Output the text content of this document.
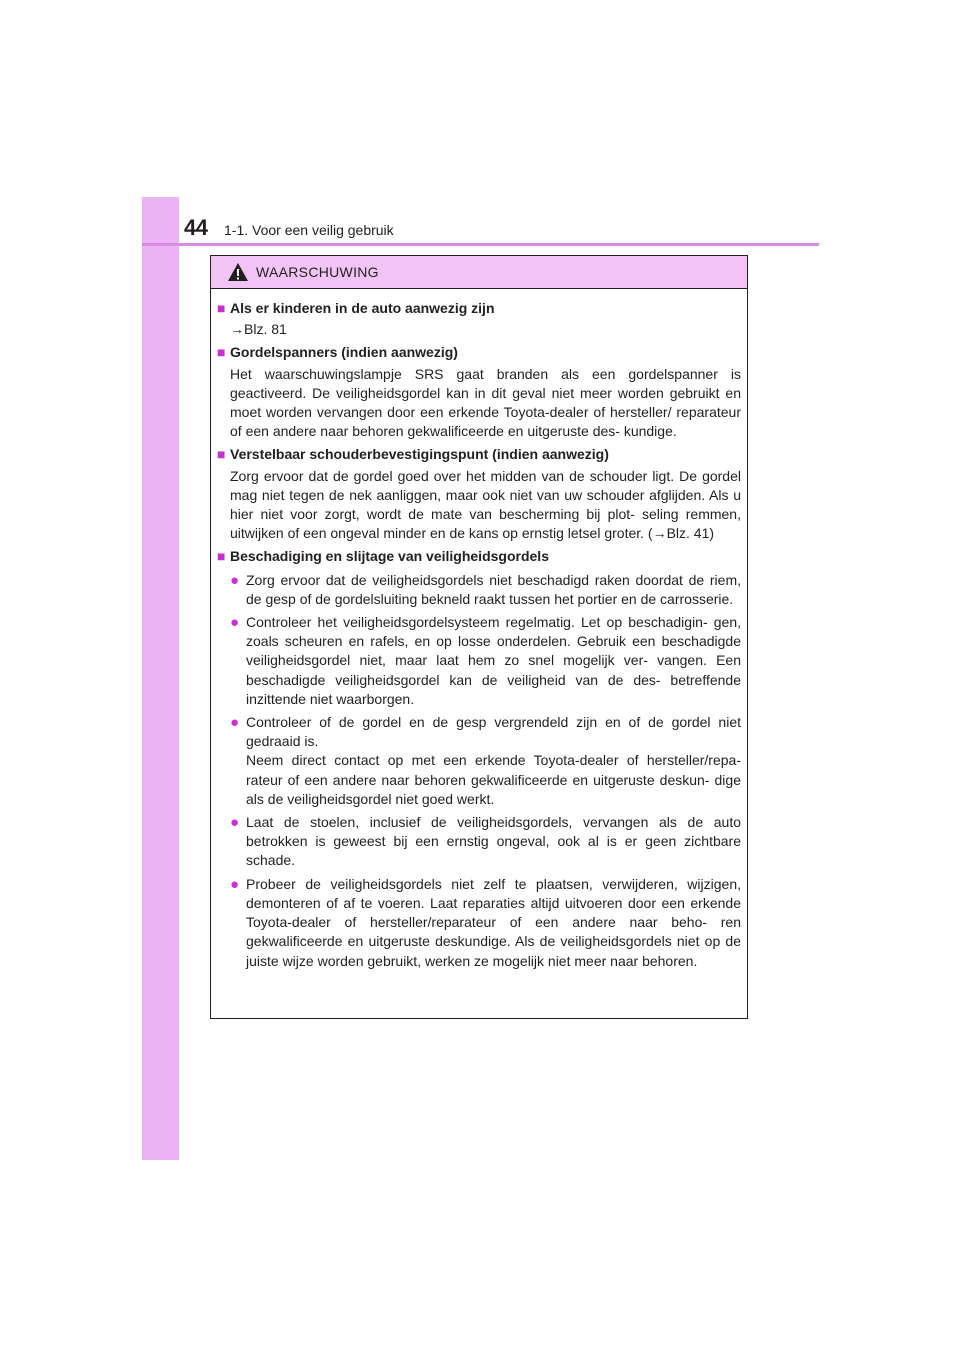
44 1-1. Voor een veilig gebruik
WAARSCHUWING
■ Als er kinderen in de auto aanwezig zijn
→Blz. 81
■ Gordelspanners (indien aanwezig)
Het waarschuwingslampje SRS gaat branden als een gordelspanner is geactiveerd. De veiligheidsgordel kan in dit geval niet meer worden gebruikt en moet worden vervangen door een erkende Toyota-dealer of hersteller/ reparateur of een andere naar behoren gekwalificeerde en uitgeruste des- kundige.
■ Verstelbaar schouderbevestigingspunt (indien aanwezig)
Zorg ervoor dat de gordel goed over het midden van de schouder ligt. De gordel mag niet tegen de nek aanliggen, maar ook niet van uw schouder afglijden. Als u hier niet voor zorgt, wordt de mate van bescherming bij plot- seling remmen, uitwijken of een ongeval minder en de kans op ernstig letsel groter. (→Blz. 41)
■ Beschadiging en slijtage van veiligheidsgordels
● Zorg ervoor dat de veiligheidsgordels niet beschadigd raken doordat de riem, de gesp of de gordelsluiting bekneld raakt tussen het portier en de carrosserie.
● Controleer het veiligheidsgordelsysteem regelmatig. Let op beschadigin- gen, zoals scheuren en rafels, en op losse onderdelen. Gebruik een beschadigde veiligheidsgordel niet, maar laat hem zo snel mogelijk ver- vangen. Een beschadigde veiligheidsgordel kan de veiligheid van de des- betreffende inzittende niet waarborgen.
● Controleer of de gordel en de gesp vergrendeld zijn en of de gordel niet gedraaid is.
Neem direct contact op met een erkende Toyota-dealer of hersteller/repa- rateur of een andere naar behoren gekwalificeerde en uitgeruste deskun- dige als de veiligheidsgordel niet goed werkt.
● Laat de stoelen, inclusief de veiligheidsgordels, vervangen als de auto betrokken is geweest bij een ernstig ongeval, ook al is er geen zichtbare schade.
● Probeer de veiligheidsgordels niet zelf te plaatsen, verwijderen, wijzigen, demonteren of af te voeren. Laat reparaties altijd uitvoeren door een erkende Toyota-dealer of hersteller/reparateur of een andere naar beho- ren gekwalificeerde en uitgeruste deskundige. Als de veiligheidsgordels niet op de juiste wijze worden gebruikt, werken ze mogelijk niet meer naar behoren.
